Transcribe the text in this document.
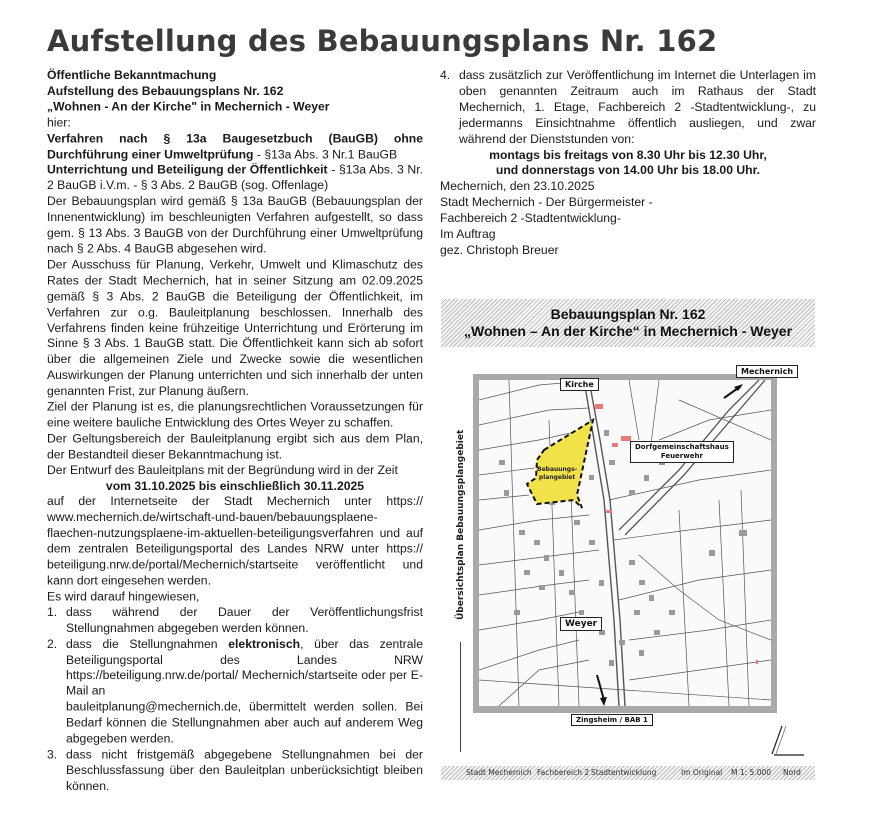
Aufstellung des Bebauungsplans Nr. 162

Öffentliche Bekanntmachung

Aufstellung des Bebauungsplans Nr. 162

„Wohnen - An der Kirche" in Mechernich - Weyer

hier:

Verfahren nach § 13a Baugesetzbuch (BauGB) ohne Durchführung einer Umweltprüfung - §13a Abs. 3 Nr.1 BauGB

Unterrichtung und Beteiligung der Öffentlichkeit - §13a Abs. 3 Nr. 2 BauGB i.V.m. - § 3 Abs. 2 BauGB (sog. Offenlage)

Der Bebauungsplan wird gemäß § 13a BauGB (Bebauungsplan der Innenentwicklung) im beschleunigten Verfahren aufgestellt, so dass gem. § 13 Abs. 3 BauGB von der Durchführung einer Umweltprüfung nach § 2 Abs. 4 BauGB abgesehen wird.

Der Ausschuss für Planung, Verkehr, Umwelt und Klimaschutz des Rates der Stadt Mechernich, hat in seiner Sitzung am 02.09.2025 gemäß § 3 Abs. 2 BauGB die Beteiligung der Öffentlichkeit, im Verfahren zur o.g. Bauleitplanung beschlossen. Innerhalb des Verfahrens finden keine frühzeitige Unterrichtung und Erörterung im Sinne § 3 Abs. 1 BauGB statt. Die Öffentlichkeit kann sich ab sofort über die allgemeinen Ziele und Zwecke sowie die wesentlichen Auswirkungen der Planung unterrichten und sich innerhalb der unten genannten Frist, zur Planung äußern.

Ziel der Planung ist es, die planungsrechtlichen Voraussetzungen für eine weitere bauliche Entwicklung des Ortes Weyer zu schaffen.

Der Geltungsbereich der Bauleitplanung ergibt sich aus dem Plan, der Bestandteil dieser Bekanntmachung ist.

Der Entwurf des Bauleitplans mit der Begründung wird in der Zeit

vom 31.10.2025 bis einschließlich 30.11.2025

auf der Internetseite der Stadt Mechernich unter https:// www.mechernich.de/wirtschaft-und-bauen/bebauungsplaene-flaechen-nutzungsplaene-im-aktuellen-beteiligungsverfahren und auf dem zentralen Beteiligungsportal des Landes NRW unter https:// beteiligung.nrw.de/portal/Mechernich/startseite veröffentlicht und kann dort eingesehen werden.

Es wird darauf hingewiesen,

1. dass während der Dauer der Veröffentlichungsfrist Stellungnahmen abgegeben werden können.
2. dass die Stellungnahmen elektronisch, über das zentrale Beteiligungsportal des Landes NRW https://beteiligung.nrw.de/portal/ Mechernich/startseite oder per E-Mail an
bauleitplanung@mechernich.de, übermittelt werden sollen. Bei Bedarf können die Stellungnahmen aber auch auf anderem Weg abgegeben werden.
3. dass nicht fristgemäß abgegebene Stellungnahmen bei der Beschlussfassung über den Bauleitplan unberücksichtigt bleiben können.
4. dass zusätzlich zur Veröffentlichung im Internet die Unterlagen im oben genannten Zeitraum auch im Rathaus der Stadt Mechernich, 1. Etage, Fachbereich 2 -Stadtentwicklung-, zu jedermanns Einsichtnahme öffentlich ausliegen, und zwar während der Dienststunden von:

montags bis freitags von 8.30 Uhr bis 12.30 Uhr,

und donnerstags von 14.00 Uhr bis 18.00 Uhr.

Mechernich, den 23.10.2025

Stadt Mechernich - Der Bürgermeister -

Fachbereich 2 -Stadtentwicklung-

Im Auftrag

gez. Christoph Breuer

Bebauungsplan Nr. 162
„Wohnen – An der Kirche“ in Mechernich - Weyer
Übersichtsplan Bebauungsplangebiet	Bebauungs-
plangebiet
Kirche
Mechernich
Dorfgemeinschaftshaus
Feuerwehr
Weyer
Zingsheim / BAB 1
Stadt Mechernich Fachbereich 2 Stadtentwicklung	Im Original M 1: 5.000 Nord
